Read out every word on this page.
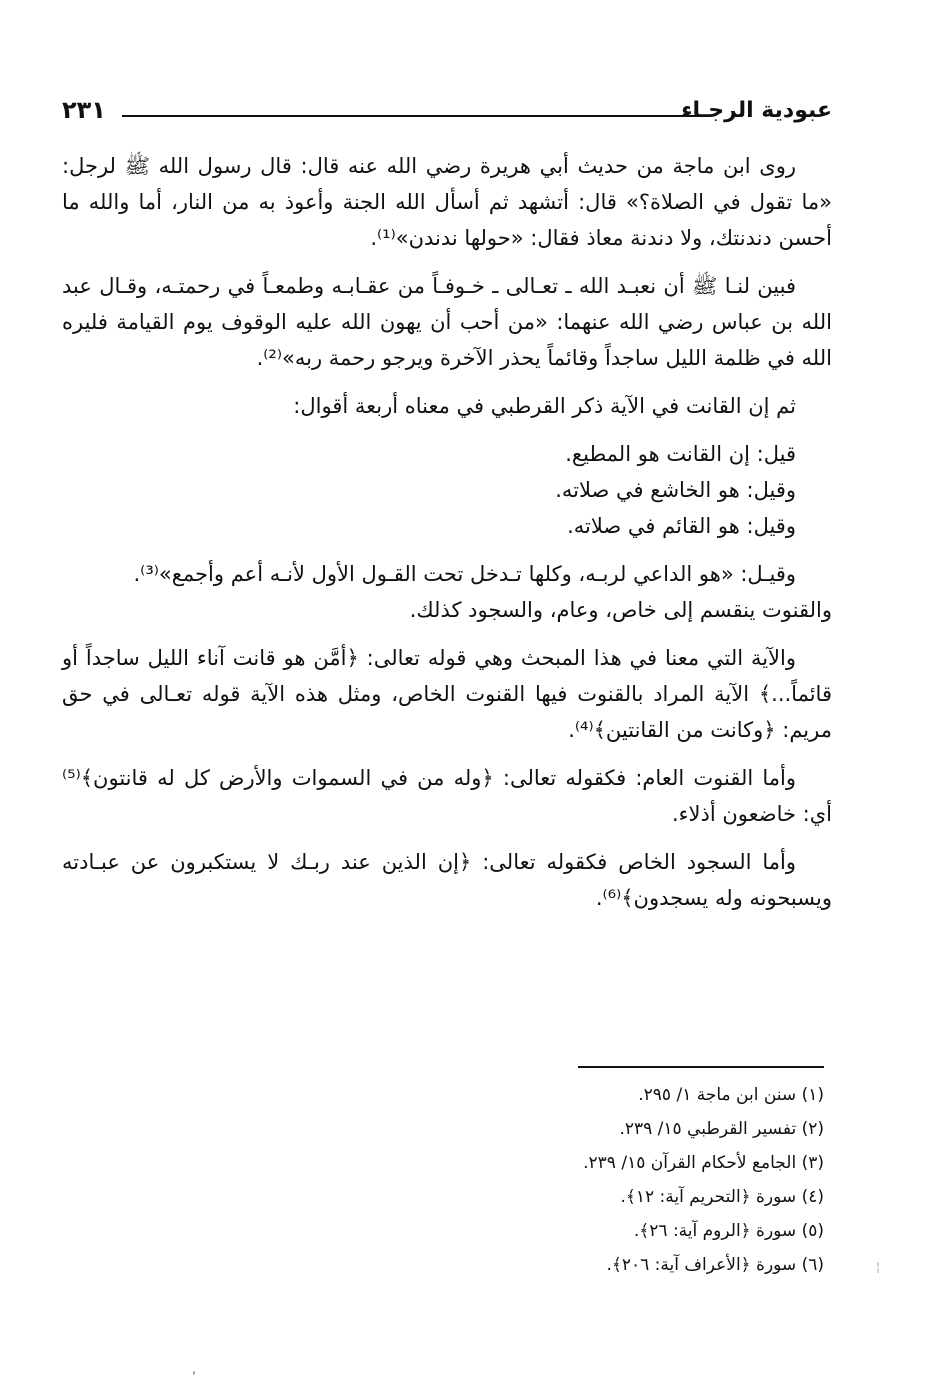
عبودية الرجـاء
٢٣١

روى ابن ماجة من حديث أبي هريرة رضي الله عنه قال: قال رسول الله ﷺ لرجل: «ما تقول في الصلاة؟» قال: أتشهد ثم أسأل الله الجنة وأعوذ به من النار، أما والله ما أحسن دندنتك، ولا دندنة معاذ فقال: «حولها ندندن»⁽¹⁾.

فبين لنـا ﷺ أن نعبـد الله ـ تعـالى ـ خـوفـاً من عقـابـه وطمعـاً في رحمتـه، وقـال عبد الله بن عباس رضي الله عنهما: «من أحب أن يهون الله عليه الوقوف يوم القيامة فليره الله في ظلمة الليل ساجداً وقائماً يحذر الآخرة ويرجو رحمة ربه»⁽²⁾.

ثم إن القانت في الآية ذكر القرطبي في معناه أربعة أقوال:

قيل: إن القانت هو المطيع.

وقيل: هو الخاشع في صلاته.

وقيل: هو القائم في صلاته.

وقيـل: «هو الداعي لربـه، وكلها تـدخل تحت القـول الأول لأنـه أعم وأجمع»⁽³⁾.

والقنوت ينقسم إلى خاص، وعام، والسجود كذلك.

والآية التي معنا في هذا المبحث وهي قوله تعالى: ﴿أمَّن هو قانت آناء الليل ساجداً أو قائماً...﴾ الآية المراد بالقنوت فيها القنوت الخاص، ومثل هذه الآية قوله تعـالى في حق مريم: ﴿وكانت من القانتين﴾⁽⁴⁾.

وأما القنوت العام: فكقوله تعالى: ﴿وله من في السموات والأرض كل له قانتون﴾⁽⁵⁾ أي: خاضعون أذلاء.

وأما السجود الخاص فكقوله تعالى: ﴿إن الذين عند ربـك لا يستكبرون عن عبـادته ويسبحونه وله يسجدون﴾⁽⁶⁾.

(١) سنن ابن ماجة ١/ ٢٩٥.

(٢) تفسير القرطبي ١٥/ ٢٣٩.

(٣) الجامع لأحكام القرآن ١٥/ ٢٣٩.

(٤) سورة ﴿التحريم آية: ١٢﴾.

(٥) سورة ﴿الروم آية: ٢٦﴾.

(٦) سورة ﴿الأعراف آية: ٢٠٦﴾.

‚
¦
